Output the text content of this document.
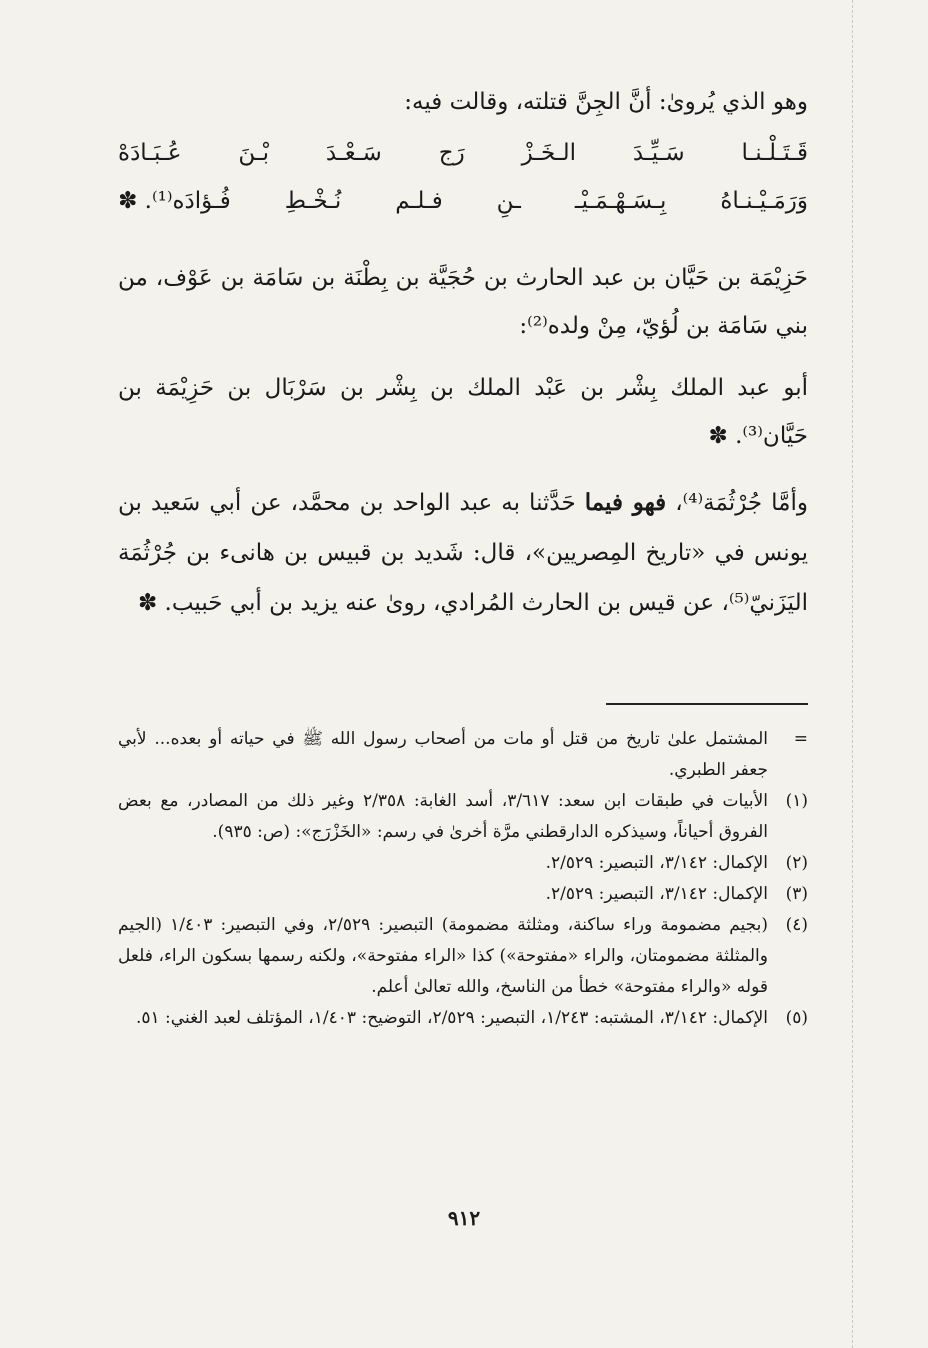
وهو الذي يُروىٰ: أنَّ الجِنَّ قتلته، وقالت فيه:
قَـتَـلْـنـا
سَـيِّـدَ
الـخَـزْ
رَج
سَـعْـدَ
بْـنَ
عُـبَـادَهْ
وَرَمَـيْـنـاهُ
بِـسَـهْـمَـيْـ
ـنِ
فـلـم
نُـخْـطِ
فُـؤادَه⁽¹⁾. ✽
حَزِيْمَة بن حَيَّان بن عبد الحارث بن حُجَيَّة بن بِطْنَة بن سَامَة بن عَوْف، من بني سَامَة بن لُؤيّ، مِنْ ولده⁽²⁾:
أبو عبد الملك بِشْر بن عَبْد الملك بن بِشْر بن سَرْبَال بن حَزِيْمَة بن حَيَّان⁽³⁾. ✽
وأمَّا جُرْثُمَة⁽⁴⁾، فهو فيما حَدَّثنا به عبد الواحد بن محمَّد، عن أبي سَعيد بن يونس في «تاريخ المِصريين»، قال: شَديد بن قبيس بن هانىء بن جُرْثُمَة اليَزَنيّ⁽⁵⁾، عن قيس بن الحارث المُرادي، روىٰ عنه يزيد بن أبي حَبيب. ✽
=
المشتمل علىٰ تاريخ من قتل أو مات من أصحاب رسول الله ﷺ في حياته أو بعده... لأبي جعفر الطبري.
(١)
الأبيات في طبقات ابن سعد: ٣/٦١٧، أسد الغابة: ٢/٣٥٨ وغير ذلك من المصادر، مع بعض الفروق أحياناً، وسيذكره الدارقطني مرَّة أخرىٰ في رسم: «الخَزْرَج»: (ص: ٩٣٥).
(٢)
الإكمال: ٣/١٤٢، التبصير: ٢/٥٢٩.
(٣)
الإكمال: ٣/١٤٢، التبصير: ٢/٥٢٩.
(٤)
(بجيم مضمومة وراء ساكنة، ومثلثة مضمومة) التبصير: ٢/٥٢٩، وفي التبصير: ١/٤٠٣ (الجيم والمثلثة مضمومتان، والراء «مفتوحة») كذا «الراء مفتوحة»، ولكنه رسمها بسكون الراء، فلعل قوله «والراء مفتوحة» خطأ من الناسخ، والله تعالىٰ أعلم.
(٥)
الإكمال: ٣/١٤٢، المشتبه: ١/٢٤٣، التبصير: ٢/٥٢٩، التوضيح: ١/٤٠٣، المؤتلف لعبد الغني: ٥١.
٩١٢
